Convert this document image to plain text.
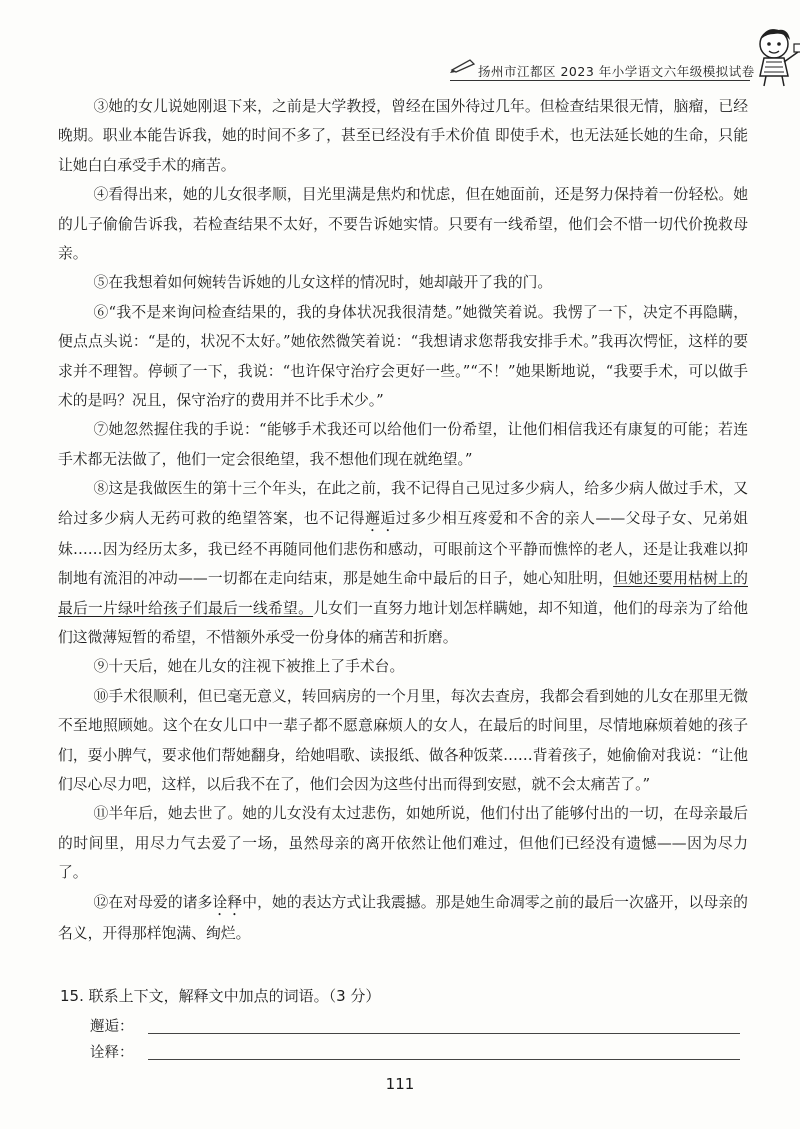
扬州市江都区 2023 年小学语文六年级模拟试卷

③她的女儿说她刚退下来，之前是大学教授，曾经在国外待过几年。但检查结果很无情，脑瘤，已经晚期。职业本能告诉我，她的时间不多了，甚至已经没有手术价值 即使手术，也无法延长她的生命，只能让她白白承受手术的痛苦。

④看得出来，她的儿女很孝顺，目光里满是焦灼和忧虑，但在她面前，还是努力保持着一份轻松。她的儿子偷偷告诉我，若检查结果不太好，不要告诉她实情。只要有一线希望，他们会不惜一切代价挽救母亲。

⑤在我想着如何婉转告诉她的儿女这样的情况时，她却敲开了我的门。

⑥“我不是来询问检查结果的，我的身体状况我很清楚。”她微笑着说。我愣了一下，决定不再隐瞒，便点点头说：“是的，状况不太好。”她依然微笑着说：“我想请求您帮我安排手术。”我再次愕怔，这样的要求并不理智。停顿了一下，我说：“也许保守治疗会更好一些。”“不！”她果断地说，“我要手术，可以做手术的是吗？况且，保守治疗的费用并不比手术少。”

⑦她忽然握住我的手说：“能够手术我还可以给他们一份希望，让他们相信我还有康复的可能；若连手术都无法做了，他们一定会很绝望，我不想他们现在就绝望。”

⑧这是我做医生的第十三个年头，在此之前，我不记得自己见过多少病人，给多少病人做过手术，又给过多少病人无药可救的绝望答案，也不记得邂逅过多少相互疼爱和不舍的亲人——父母子女、兄弟姐妹……因为经历太多，我已经不再随同他们悲伤和感动，可眼前这个平静而憔悴的老人，还是让我难以抑制地有流泪的冲动——一切都在走向结束，那是她生命中最后的日子，她心知肚明，但她还要用枯树上的最后一片绿叶给孩子们最后一线希望。儿女们一直努力地计划怎样瞒她，却不知道，他们的母亲为了给他们这微薄短暂的希望，不惜额外承受一份身体的痛苦和折磨。

⑨十天后，她在儿女的注视下被推上了手术台。

⑩手术很顺利，但已毫无意义，转回病房的一个月里，每次去查房，我都会看到她的儿女在那里无微不至地照顾她。这个在女儿口中一辈子都不愿意麻烦人的女人，在最后的时间里，尽情地麻烦着她的孩子们，耍小脾气，要求他们帮她翻身，给她唱歌、读报纸、做各种饭菜……背着孩子，她偷偷对我说：“让他们尽心尽力吧，这样，以后我不在了，他们会因为这些付出而得到安慰，就不会太痛苦了。”

⑪半年后，她去世了。她的儿女没有太过悲伤，如她所说，他们付出了能够付出的一切，在母亲最后的时间里，用尽力气去爱了一场，虽然母亲的离开依然让他们难过，但他们已经没有遗憾——因为尽力了。

⑫在对母爱的诸多诠释中，她的表达方式让我震撼。那是她生命凋零之前的最后一次盛开，以母亲的名义，开得那样饱满、绚烂。

15. 联系上下文，解释文中加点的词语。（3 分）
邂逅：
诠释：
111
